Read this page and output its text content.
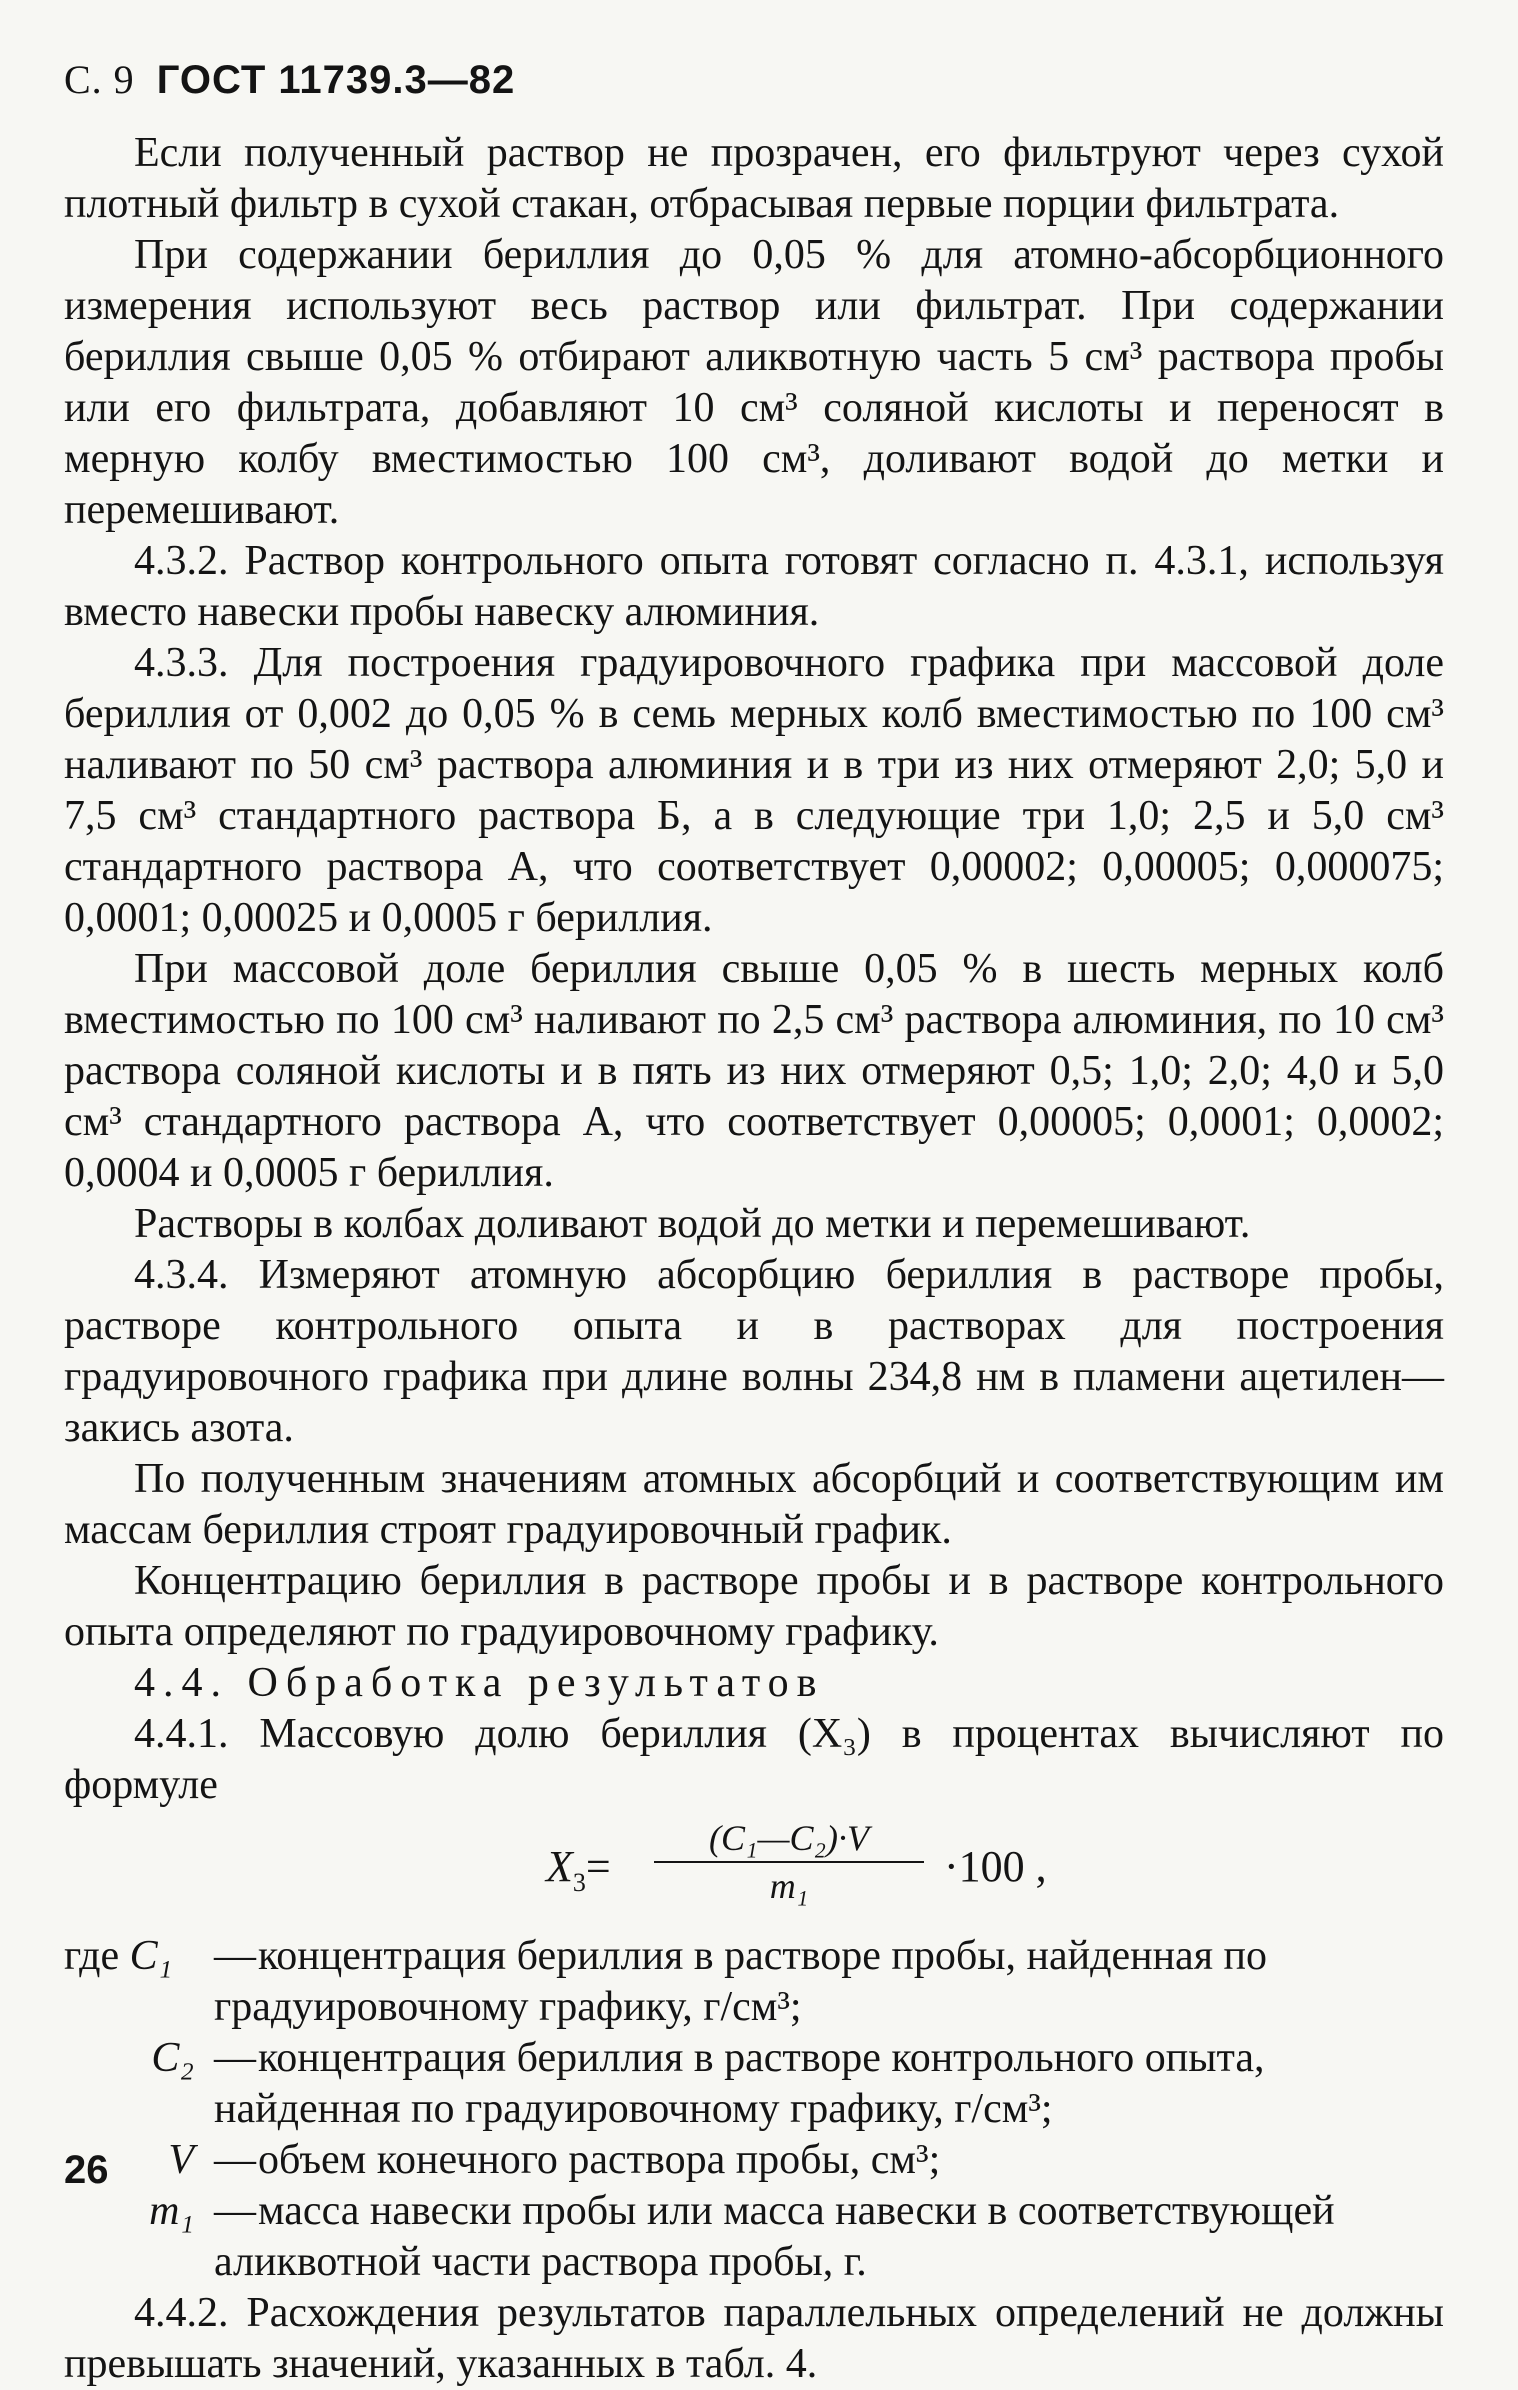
С. 9 ГОСТ 11739.3—82

Если полученный раствор не прозрачен, его фильтруют через сухой плотный фильтр в сухой стакан, отбрасывая первые порции фильтрата.

При содержании бериллия до 0,05 % для атомно-абсорбционного измерения используют весь раствор или фильтрат. При содержании бериллия свыше 0,05 % отбирают аликвотную часть 5 см³ раствора пробы или его фильтрата, добавляют 10 см³ соляной кислоты и переносят в мерную колбу вместимостью 100 см³, доливают водой до метки и перемешивают.

4.3.2. Раствор контрольного опыта готовят согласно п. 4.3.1, используя вместо навески пробы навеску алюминия.

4.3.3. Для построения градуировочного графика при массовой доле бериллия от 0,002 до 0,05 % в семь мерных колб вместимостью по 100 см³ наливают по 50 см³ раствора алюминия и в три из них отмеряют 2,0; 5,0 и 7,5 см³ стандартного раствора Б, а в следующие три 1,0; 2,5 и 5,0 см³ стандартного раствора А, что соответствует 0,00002; 0,00005; 0,000075; 0,0001; 0,00025 и 0,0005 г бериллия.

При массовой доле бериллия свыше 0,05 % в шесть мерных колб вместимостью по 100 см³ наливают по 2,5 см³ раствора алюминия, по 10 см³ раствора соляной кислоты и в пять из них отмеряют 0,5; 1,0; 2,0; 4,0 и 5,0 см³ стандартного раствора А, что соответствует 0,00005; 0,0001; 0,0002; 0,0004 и 0,0005 г бериллия.

Растворы в колбах доливают водой до метки и перемешивают.

4.3.4. Измеряют атомную абсорбцию бериллия в растворе пробы, растворе контрольного опыта и в растворах для построения градуировочного графика при длине волны 234,8 нм в пламени ацетилен—закись азота.

По полученным значениям атомных абсорбций и соответствующим им массам бериллия строят градуировочный график.

Концентрацию бериллия в растворе пробы и в растворе контрольного опыта определяют по градуировочному графику.

4.4. Обработка результатов

4.4.1. Массовую долю бериллия (X₃) в процентах вычисляют по формуле

$X_3= \frac{\text{(C₁—C₂)·V}}{\text{m₁}} \cdot 100$ ,
где C₁ —концентрация бериллия в растворе пробы, найденная по градуировочному графику, г/см³;
C₂ —концентрация бериллия в растворе контрольного опыта, найденная по градуировочному графику, г/см³;
V —объем конечного раствора пробы, см³;
m₁ —масса навески пробы или масса навески в соответствующей аликвотной части раствора пробы, г.

4.4.2. Расхождения результатов параллельных определений не должны превышать значений, указанных в табл. 4.

26
